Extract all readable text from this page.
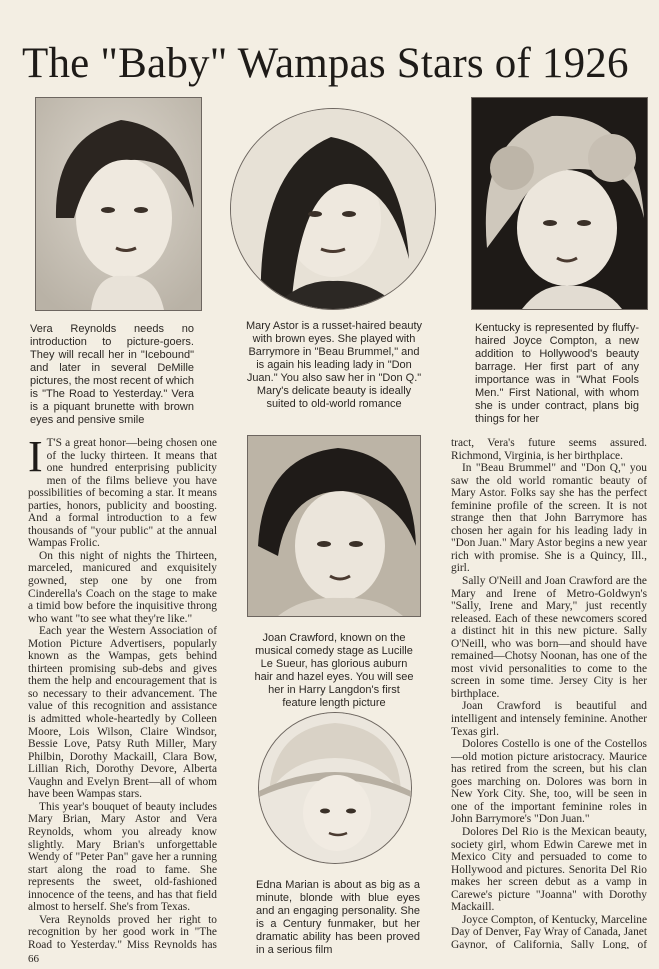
The "Baby" Wampas Stars of 1926
Vera Reynolds needs no introduction to picture-goers. They will recall her in "Icebound" and later in several DeMille pictures, the most recent of which is "The Road to Yesterday." Vera is a piquant brunette with brown eyes and pensive smile
Mary Astor is a russet-haired beauty with brown eyes. She played with Barrymore in "Beau Brummel," and is again his leading lady in "Don Juan." You also saw her in "Don Q." Mary's delicate beauty is ideally suited to old-world romance
Kentucky is represented by fluffy-haired Joyce Compton, a new addition to Hollywood's beauty barrage. Her first part of any importance was in "What Fools Men." First National, with whom she is under contract, plans big things for her
Joan Crawford, known on the musical comedy stage as Lucille Le Sueur, has glorious auburn hair and hazel eyes. You will see her in Harry Langdon's first feature length picture
Edna Marian is about as big as a minute, blonde with blue eyes and an engaging personality. She is a Century funmaker, but her dramatic ability has been proved in a serious film

I T'S a great honor—being chosen one of the lucky thirteen. It means that one hundred enterprising publicity men of the films believe you have possibilities of becoming a star. It means parties, honors, publicity and boosting. And a formal introduction to a few thousands of "your public" at the annual Wampas Frolic.

On this night of nights the Thirteen, marceled, manicured and exquisitely gowned, step one by one from Cinderella's Coach on the stage to make a timid bow before the inquisitive throng who want "to see what they're like."

Each year the Western Association of Motion Picture Advertisers, popularly known as the Wampas, gets behind thirteen promising sub-debs and gives them the help and encouragement that is so necessary to their advancement. The value of this recognition and assistance is admitted whole-heartedly by Colleen Moore, Lois Wilson, Claire Windsor, Bessie Love, Patsy Ruth Miller, Mary Philbin, Dorothy Mackaill, Clara Bow, Lillian Rich, Dorothy Devore, Alberta Vaughn and Evelyn Brent—all of whom have been Wampas stars.

This year's bouquet of beauty includes Mary Brian, Mary Astor and Vera Reynolds, whom you already know slightly. Mary Brian's unforgettable Wendy of "Peter Pan" gave her a running start along the road to fame. She represents the sweet, old-fashioned innocence of the teens, and has that field almost to herself. She's from Texas.

Vera Reynolds proved her right to recognition by her good work in "The Road to Yesterday." Miss Reynolds has

tract, Vera's future seems assured. Richmond, Virginia, is her birthplace.

In "Beau Brummel" and "Don Q," you saw the old world romantic beauty of Mary Astor. Folks say she has the perfect feminine profile of the screen. It is not strange then that John Barrymore has chosen her again for his leading lady in "Don Juan." Mary Astor begins a new year rich with promise. She is a Quincy, Ill., girl.

Sally O'Neill and Joan Crawford are the Mary and Irene of Metro-Goldwyn's "Sally, Irene and Mary," just recently released. Each of these newcomers scored a distinct hit in this new picture. Sally O'Neill, who was born—and should have remained—Chotsy Noonan, has one of the most vivid personalities to come to the screen in some time. Jersey City is her birthplace.

Joan Crawford is beautiful and intelligent and intensely feminine. Another Texas girl.

Dolores Costello is one of the Costellos—old motion picture aristocracy. Maurice has retired from the screen, but his clan goes marching on. Dolores was born in New York City. She, too, will be seen in one of the important feminine roles in John Barrymore's "Don Juan."

Dolores Del Rio is the Mexican beauty, society girl, whom Edwin Carewe met in Mexico City and persuaded to come to Hollywood and pictures. Senorita Del Rio makes her screen debut as a vamp in Carewe's picture "Joanna" with Dorothy Mackaill.

Joyce Compton, of Kentucky, Marceline Day of Denver, Fay Wray of Canada, Janet Gaynor, of California, Sally Long, of

66
